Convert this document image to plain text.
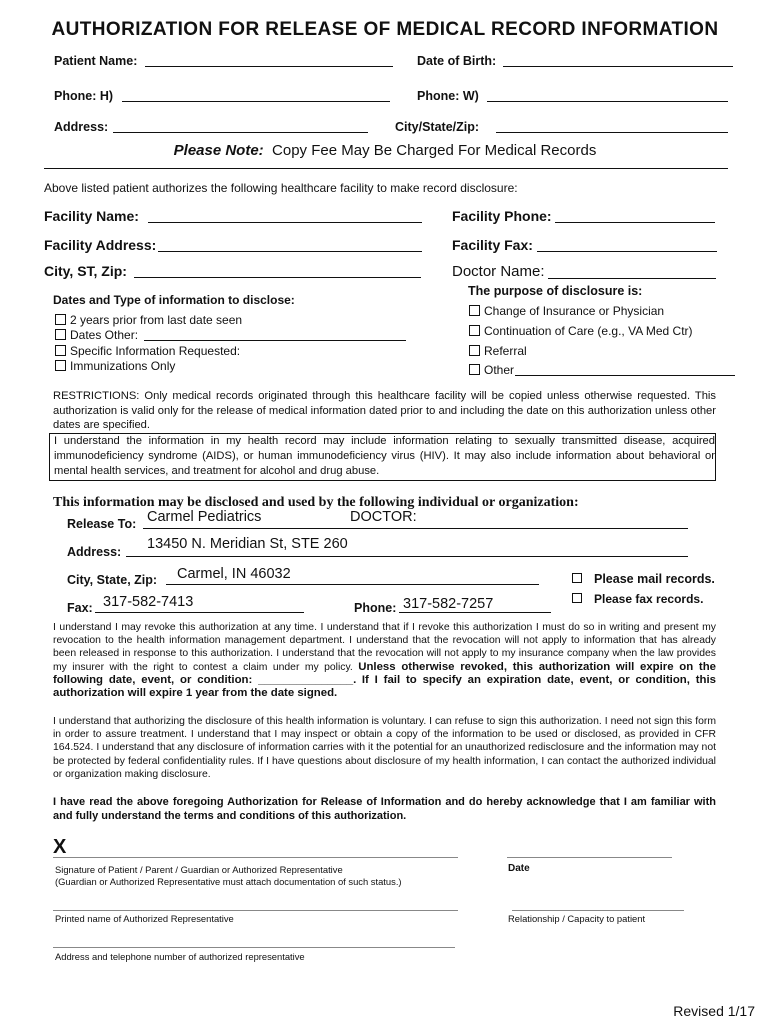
AUTHORIZATION FOR RELEASE OF MEDICAL RECORD INFORMATION
Patient Name:	Date of Birth:
Phone: H)	Phone: W)
Address:	City/State/Zip:
Please Note: Copy Fee May Be Charged For Medical Records
Above listed patient authorizes the following healthcare facility to make record disclosure:
Facility Name:	Facility Phone:
Facility Address:	Facility Fax:
City, ST, Zip:	Doctor Name:
Dates and Type of information to disclose:
2 years prior from last date seen
Dates Other:
Specific Information Requested:
Immunizations Only
The purpose of disclosure is:
Change of Insurance or Physician
Continuation of Care (e.g., VA Med Ctr)
Referral
Other
RESTRICTIONS: Only medical records originated through this healthcare facility will be copied unless otherwise requested. This authorization is valid only for the release of medical information dated prior to and including the date on this authorization unless other dates are specified.
I understand the information in my health record may include information relating to sexually transmitted disease, acquired immunodeficiency syndrome (AIDS), or human immunodeficiency virus (HIV). It may also include information about behavioral or mental health services, and treatment for alcohol and drug abuse.
This information may be disclosed and used by the following individual or organization:
Release To: Carmel Pediatrics	DOCTOR:
Address: 13450 N. Meridian St, STE 260
City, State, Zip: Carmel, IN 46032	Please mail records.
Fax: 317-582-7413	Phone: 317-582-7257	Please fax records.
I understand I may revoke this authorization at any time. I understand that if I revoke this authorization I must do so in writing and present my revocation to the health information management department. I understand that the revocation will not apply to information that has already been released in response to this authorization. I understand that the revocation will not apply to my insurance company when the law provides my insurer with the right to contest a claim under my policy. Unless otherwise revoked, this authorization will expire on the following date, event, or condition: _______________. If I fail to specify an expiration date, event, or condition, this authorization will expire 1 year from the date signed.
I understand that authorizing the disclosure of this health information is voluntary. I can refuse to sign this authorization. I need not sign this form in order to assure treatment. I understand that I may inspect or obtain a copy of the information to be used or disclosed, as provided in CFR 164.524. I understand that any disclosure of information carries with it the potential for an unauthorized redisclosure and the information may not be protected by federal confidentiality rules. If I have questions about disclosure of my health information, I can contact the authorized individual or organization making disclosure.
I have read the above foregoing Authorization for Release of Information and do hereby acknowledge that I am familiar with and fully understand the terms and conditions of this authorization.
X
Signature of Patient / Parent / Guardian or Authorized Representative
(Guardian or Authorized Representative must attach documentation of such status.)
Date
Printed name of Authorized Representative	Relationship / Capacity to patient
Address and telephone number of authorized representative
Revised 1/17
